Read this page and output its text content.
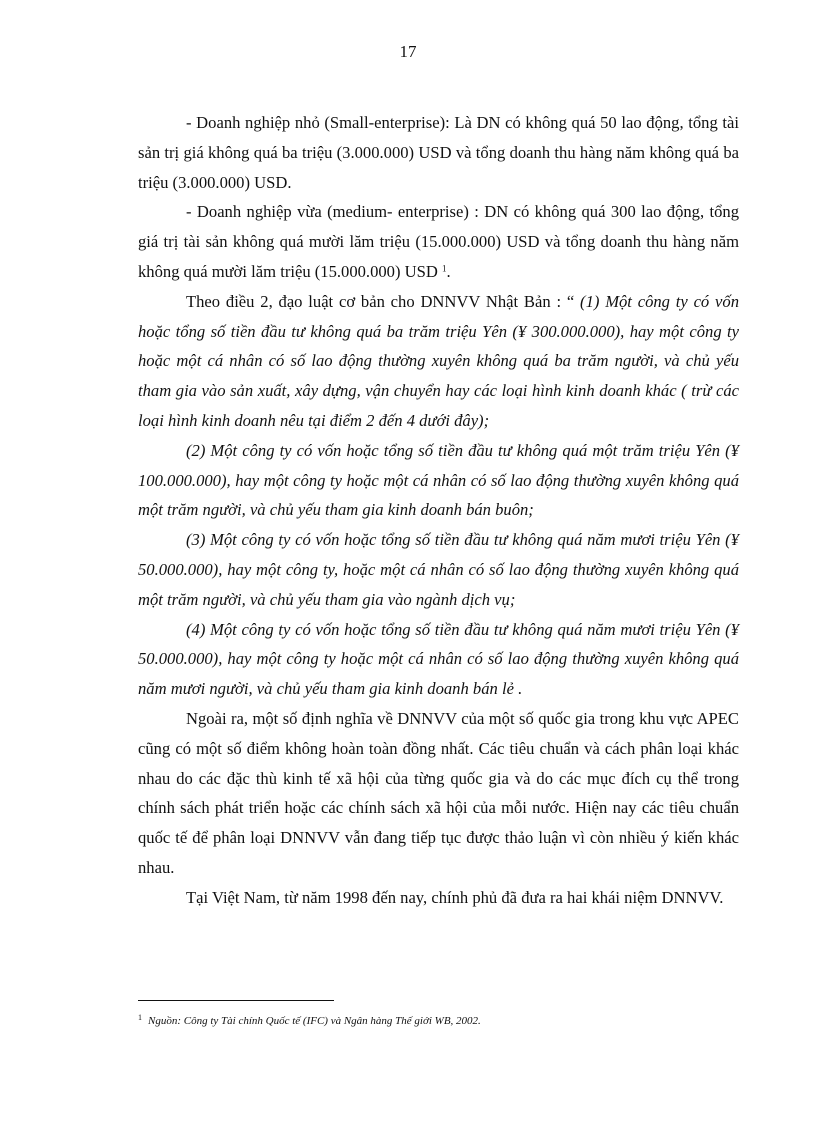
17

- Doanh nghiệp nhỏ (Small-enterprise): Là DN có không quá 50 lao động, tổng tài sản trị giá không quá ba triệu (3.000.000) USD và tổng doanh thu hàng năm không quá ba triệu (3.000.000) USD.

- Doanh nghiệp vừa (medium- enterprise) : DN có không quá 300 lao động, tổng giá trị tài sản không quá mười lăm triệu (15.000.000) USD và tổng doanh thu hàng năm không quá mười lăm triệu (15.000.000) USD $^1$.

Theo điều 2, đạo luật cơ bản cho DNNVV Nhật Bản : “ (1) Một công ty có vốn hoặc tổng số tiền đầu tư không quá ba trăm triệu Yên (¥ 300.000.000), hay một công ty hoặc một cá nhân có số lao động thường xuyên không quá ba trăm người, và chủ yếu tham gia vào sản xuất, xây dựng, vận chuyển hay các loại hình kinh doanh khác ( trừ các loại hình kinh doanh nêu tại điểm 2 đến 4 dưới đây);

(2) Một công ty có vốn hoặc tổng số tiền đầu tư không quá một trăm triệu Yên (¥ 100.000.000), hay một công ty hoặc một cá nhân có số lao động thường xuyên không quá một trăm người, và chủ yếu tham gia kinh doanh bán buôn;

(3) Một công ty có vốn hoặc tổng số tiền đầu tư không quá năm mươi triệu Yên (¥ 50.000.000), hay một công ty, hoặc một cá nhân có số lao động thường xuyên không quá một trăm người, và chủ yếu tham gia vào ngành dịch vụ;

(4) Một công ty có vốn hoặc tổng số tiền đầu tư không quá năm mươi triệu Yên (¥ 50.000.000), hay một công ty hoặc một cá nhân có số lao động thường xuyên không quá năm mươi người, và chủ yếu tham gia kinh doanh bán lẻ .

Ngoài ra, một số định nghĩa về DNNVV của một số quốc gia trong khu vực APEC cũng có một số điểm không hoàn toàn đồng nhất. Các tiêu chuẩn và cách phân loại khác nhau do các đặc thù kinh tế xã hội của từng quốc gia và do các mục đích cụ thể trong chính sách phát triển hoặc các chính sách xã hội của mỗi nước. Hiện nay các tiêu chuẩn quốc tế để phân loại DNNVV vẫn đang tiếp tục được thảo luận vì còn nhiều ý kiến khác nhau.

Tại Việt Nam, từ năm 1998 đến nay, chính phủ đã đưa ra hai khái niệm DNNVV.

$^1$ Nguồn: Công ty Tài chính Quốc tế (IFC) và Ngân hàng Thế giới WB, 2002.
